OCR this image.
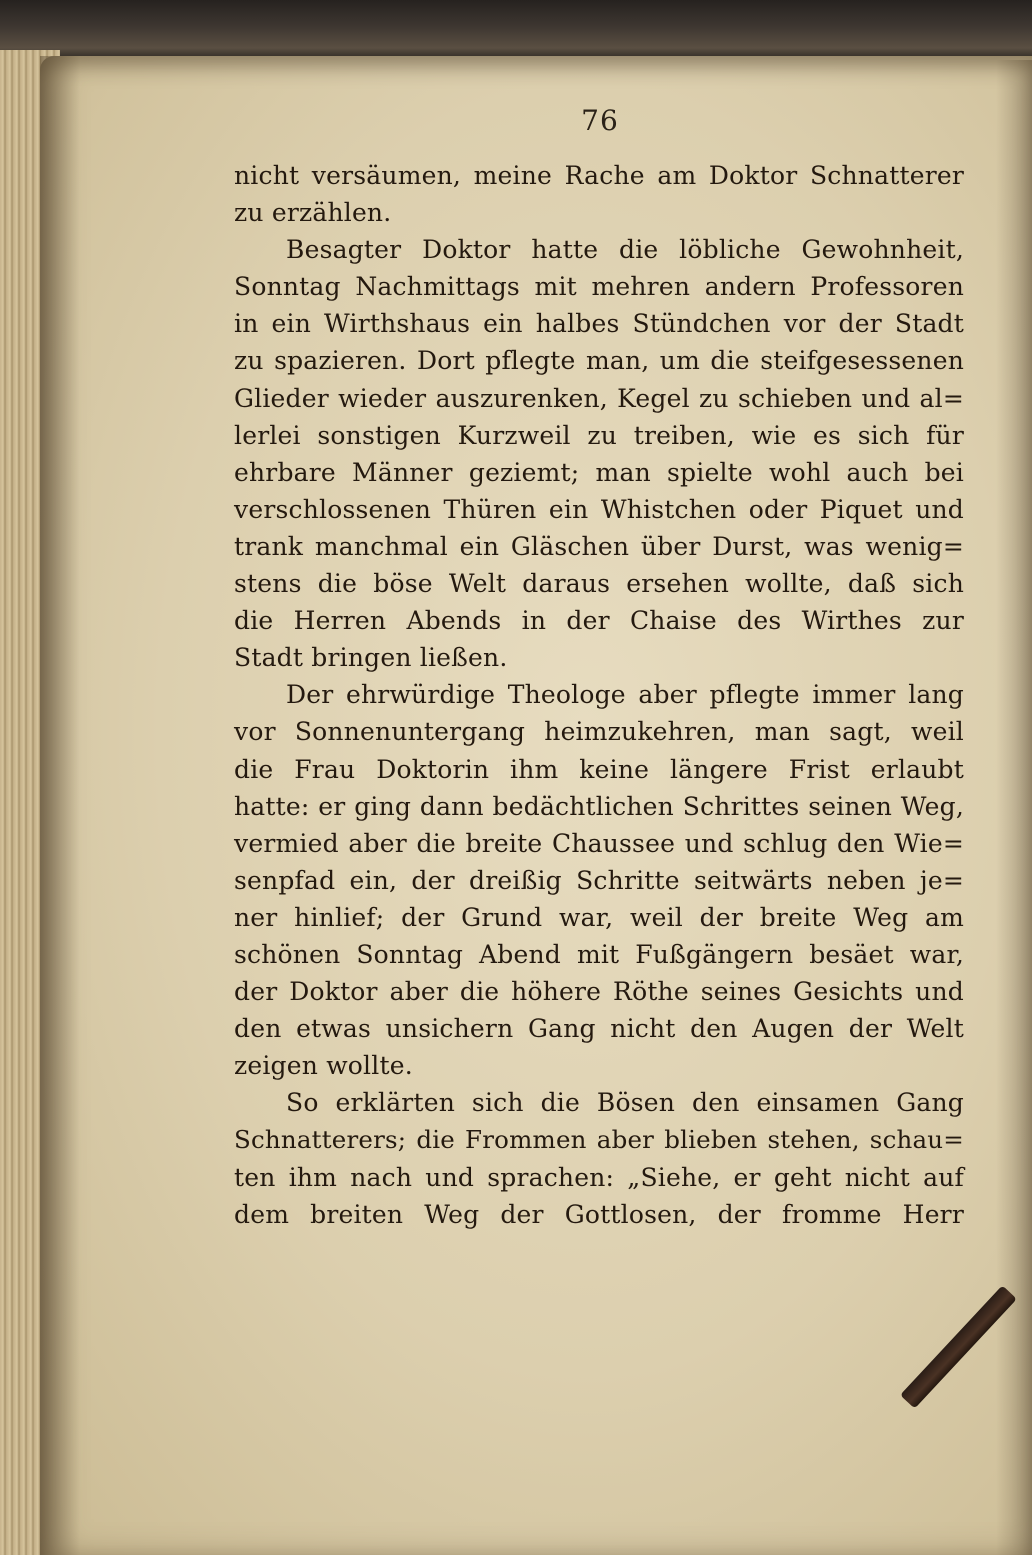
76
nicht versäumen, meine Rache am Doktor Schnatterer
zu erzählen.
Besagter Doktor hatte die löbliche Gewohnheit,
Sonntag Nachmittags mit mehren andern Professoren
in ein Wirthshaus ein halbes Stündchen vor der Stadt
zu spazieren. Dort pflegte man, um die steifgesessenen
Glieder wieder auszurenken, Kegel zu schieben und al=
lerlei sonstigen Kurzweil zu treiben, wie es sich für
ehrbare Männer geziemt; man spielte wohl auch bei
verschlossenen Thüren ein Whistchen oder Piquet und
trank manchmal ein Gläschen über Durst, was wenig=
stens die böse Welt daraus ersehen wollte, daß sich
die Herren Abends in der Chaise des Wirthes zur
Stadt bringen ließen.
Der ehrwürdige Theologe aber pflegte immer lang
vor Sonnenuntergang heimzukehren, man sagt, weil
die Frau Doktorin ihm keine längere Frist erlaubt
hatte: er ging dann bedächtlichen Schrittes seinen Weg,
vermied aber die breite Chaussee und schlug den Wie=
senpfad ein, der dreißig Schritte seitwärts neben je=
ner hinlief; der Grund war, weil der breite Weg am
schönen Sonntag Abend mit Fußgängern besäet war,
der Doktor aber die höhere Röthe seines Gesichts und
den etwas unsichern Gang nicht den Augen der Welt
zeigen wollte.
So erklärten sich die Bösen den einsamen Gang
Schnatterers; die Frommen aber blieben stehen, schau=
ten ihm nach und sprachen: „Siehe, er geht nicht auf
dem breiten Weg der Gottlosen, der fromme Herr
